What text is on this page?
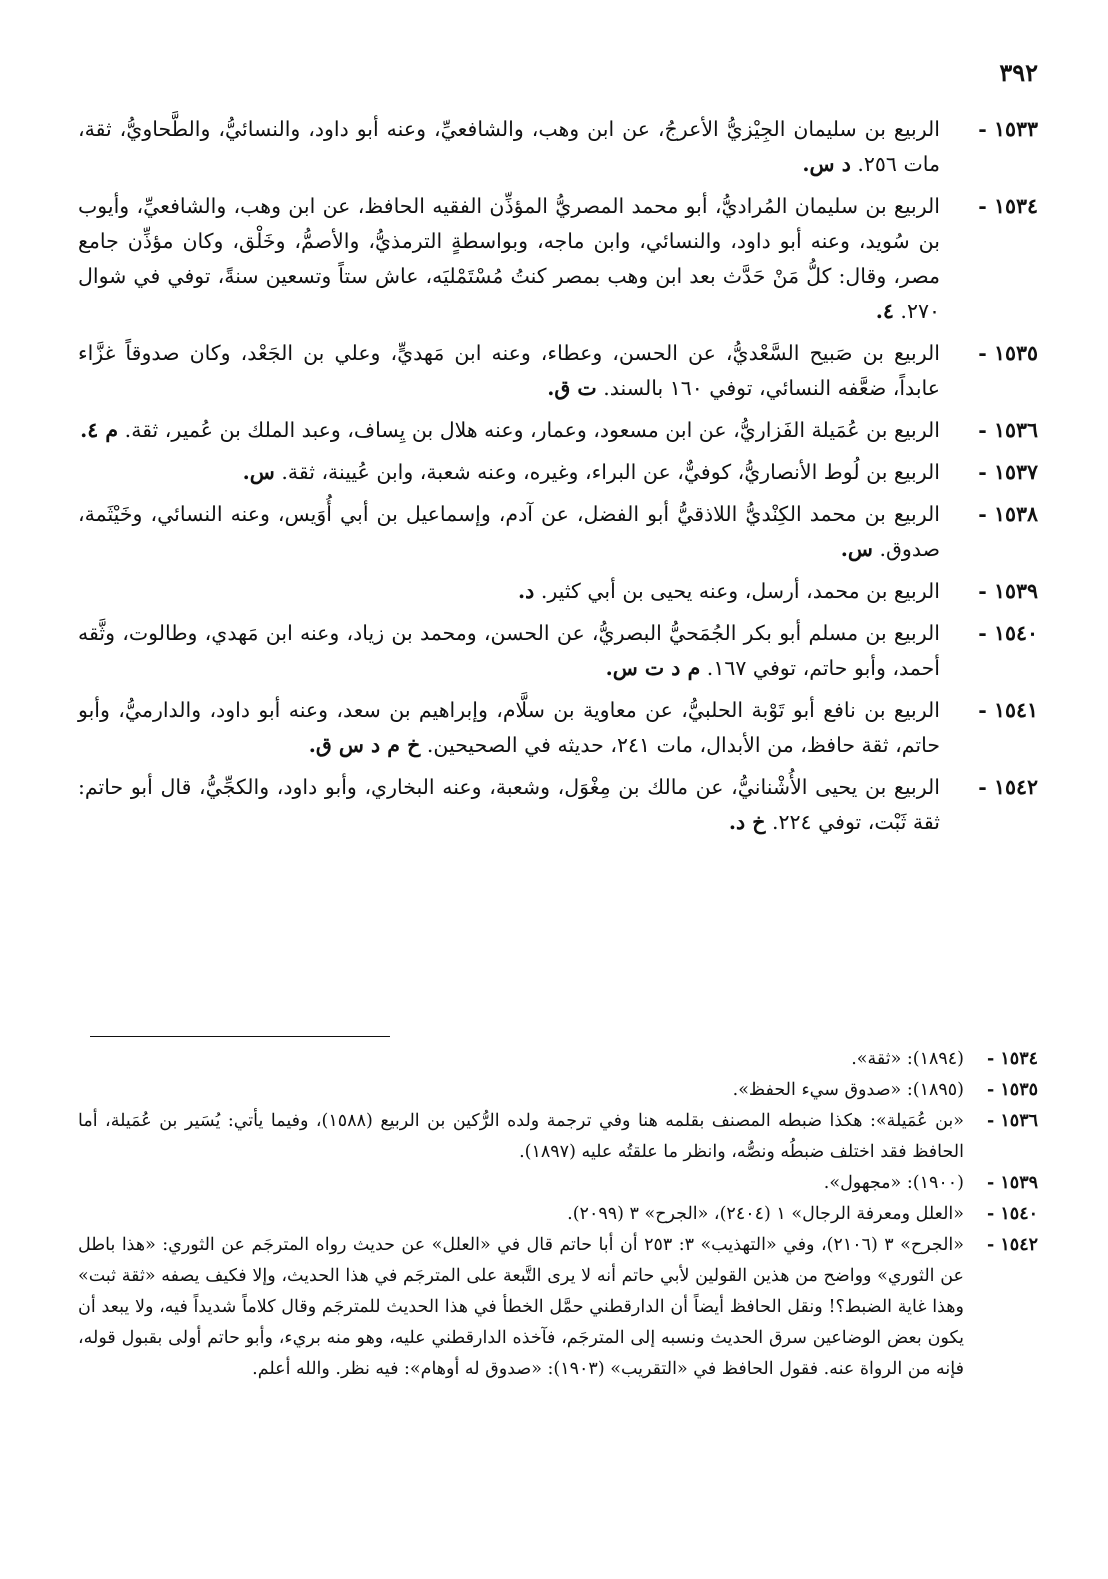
٣٩٢
١٥٣٣ -
الربيع بن سليمان الجِيْزيُّ الأعرجُ، عن ابن وهب، والشافعيِّ، وعنه أبو داود، والنسائيُّ، والطَّحاويُّ، ثقة، مات ٢٥٦. د س.
١٥٣٤ -
الربيع بن سليمان المُراديُّ، أبو محمد المصريُّ المؤذِّن الفقيه الحافظ، عن ابن وهب، والشافعيِّ، وأيوب بن سُويد، وعنه أبو داود، والنسائي، وابن ماجه، وبواسطةٍ الترمذيُّ، والأصمُّ، وخَلْق، وكان مؤذِّن جامع مصر، وقال: كلُّ مَنْ حَدَّث بعد ابن وهب بمصر كنتُ مُسْتَمْليَه، عاش ستاً وتسعين سنةً، توفي في شوال ٢٧٠. ٤.
١٥٣٥ -
الربيع بن صَبيح السَّعْديُّ، عن الحسن، وعطاء، وعنه ابن مَهديٍّ، وعلي بن الجَعْد، وكان صدوقاً غزَّاء عابداً، ضعَّفه النسائي، توفي ١٦٠ بالسند. ت ق.
١٥٣٦ -
الربيع بن عُمَيلة الفَزاريُّ، عن ابن مسعود، وعمار، وعنه هلال بن يِساف، وعبد الملك بن عُمير، ثقة. م ٤.
١٥٣٧ -
الربيع بن لُوط الأنصاريُّ، كوفيٌّ، عن البراء، وغيره، وعنه شعبة، وابن عُيينة، ثقة. س.
١٥٣٨ -
الربيع بن محمد الكِنْديُّ اللاذقيُّ أبو الفضل، عن آدم، وإسماعيل بن أبي أُوَيس، وعنه النسائي، وخَيْثَمة، صدوق. س.
١٥٣٩ -
الربيع بن محمد، أرسل، وعنه يحيى بن أبي كثير. د.
١٥٤٠ -
الربيع بن مسلم أبو بكر الجُمَحيُّ البصريُّ، عن الحسن، ومحمد بن زياد، وعنه ابن مَهدي، وطالوت، وثَّقه أحمد، وأبو حاتم، توفي ١٦٧. م د ت س.
١٥٤١ -
الربيع بن نافع أبو تَوْبة الحلبيُّ، عن معاوية بن سلَّام، وإبراهيم بن سعد، وعنه أبو داود، والدارميُّ، وأبو حاتم، ثقة حافظ، من الأبدال، مات ٢٤١، حديثه في الصحيحين. خ م د س ق.
١٥٤٢ -
الربيع بن يحيى الأُشْنانيُّ، عن مالك بن مِغْوَل، وشعبة، وعنه البخاري، وأبو داود، والكجِّيُّ، قال أبو حاتم: ثقة ثَبْت، توفي ٢٢٤. خ د.
١٥٣٤ -
(١٨٩٤): «ثقة».
١٥٣٥ -
(١٨٩٥): «صدوق سيء الحفظ».
١٥٣٦ -
«بن عُمَيلة»: هكذا ضبطه المصنف بقلمه هنا وفي ترجمة ولده الرُّكين بن الربيع (١٥٨٨)، وفيما يأتي: يُسَير بن عُمَيلة، أما الحافظ فقد اختلف ضبطُه ونصُّه، وانظر ما علقتُه عليه (١٨٩٧).
١٥٣٩ -
(١٩٠٠): «مجهول».
١٥٤٠ -
«العلل ومعرفة الرجال» ١ (٢٤٠٤)، «الجرح» ٣ (٢٠٩٩).
١٥٤٢ -
«الجرح» ٣ (٢١٠٦)، وفي «التهذيب» ٣: ٢٥٣ أن أبا حاتم قال في «العلل» عن حديث رواه المترجَم عن الثوري: «هذا باطل عن الثوري» وواضح من هذين القولين لأبي حاتم أنه لا يرى التَّبعة على المترجَم في هذا الحديث، وإلا فكيف يصفه «ثقة ثبت» وهذا غاية الضبط؟! ونقل الحافظ أيضاً أن الدارقطني حمَّل الخطأ في هذا الحديث للمترجَم وقال كلاماً شديداً فيه، ولا يبعد أن يكون بعض الوضاعين سرق الحديث ونسبه إلى المترجَم، فآخذه الدارقطني عليه، وهو منه بريء، وأبو حاتم أولى بقبول قوله، فإنه من الرواة عنه. فقول الحافظ في «التقريب» (١٩٠٣): «صدوق له أوهام»: فيه نظر. والله أعلم.
